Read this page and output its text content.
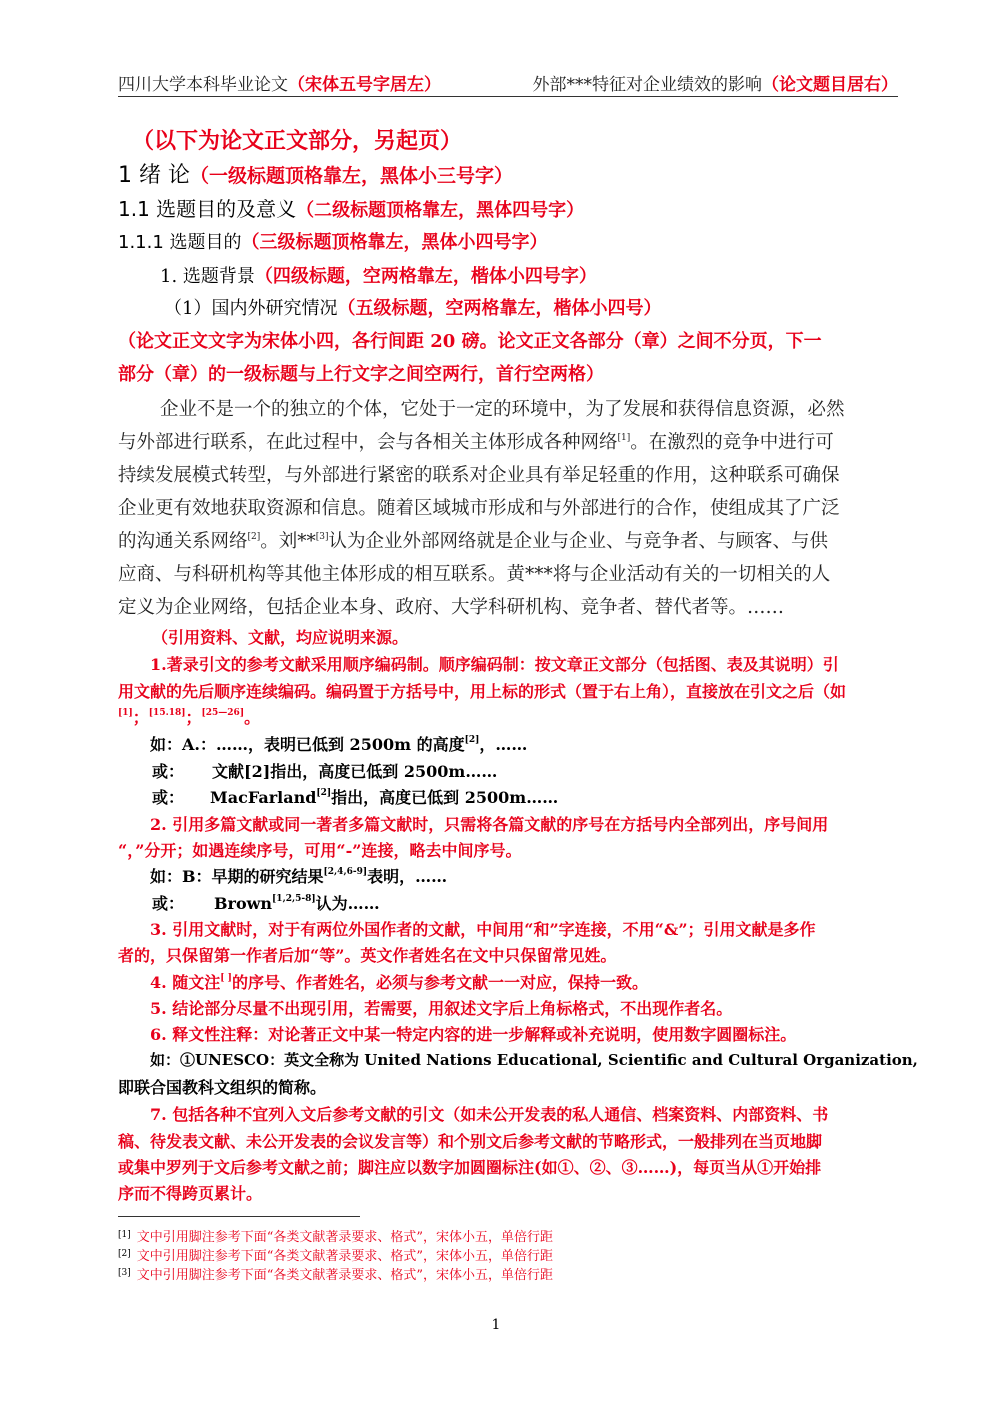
四川大学本科毕业论文（宋体五号字居左）	外部***特征对企业绩效的影响（论文题目居右）
（以下为论文正文部分，另起页）
1 绪 论（一级标题顶格靠左，黑体小三号字）
1.1 选题目的及意义（二级标题顶格靠左，黑体四号字）
1.1.1 选题目的（三级标题顶格靠左，黑体小四号字）
1. 选题背景（四级标题，空两格靠左，楷体小四号字）
（1）国内外研究情况（五级标题，空两格靠左，楷体小四号）
（论文正文文字为宋体小四，各行间距 20 磅。论文正文各部分（章）之间不分页，下一
部分（章）的一级标题与上行文字之间空两行，首行空两格）
企业不是一个的独立的个体，它处于一定的环境中，为了发展和获得信息资源，必然
与外部进行联系，在此过程中，会与各相关主体形成各种网络[1]。在激烈的竞争中进行可
持续发展模式转型，与外部进行紧密的联系对企业具有举足轻重的作用，这种联系可确保
企业更有效地获取资源和信息。随着区域城市形成和与外部进行的合作，使组成其了广泛
的沟通关系网络[2]。刘**[3]认为企业外部网络就是企业与企业、与竞争者、与顾客、与供
应商、与科研机构等其他主体形成的相互联系。黄***将与企业活动有关的一切相关的人
定义为企业网络，包括企业本身、政府、大学科研机构、竞争者、替代者等。……
（引用资料、文献，均应说明来源。
1.著录引文的参考文献采用顺序编码制。顺序编码制：按文章正文部分（包括图、表及其说明）引
用文献的先后顺序连续编码。编码置于方括号中，用上标的形式（置于右上角），直接放在引文之后（如
[1]；[15.18]；[25—26]。
如：A.：……，表明已低到 2500m 的高度[2]，……
或： 文献[2]指出，高度已低到 2500m……
或： MacFarland[2]指出，高度已低到 2500m……
2. 引用多篇文献或同一著者多篇文献时，只需将各篇文献的序号在方括号内全部列出，序号间用
“，”分开；如遇连续序号，可用“-”连接，略去中间序号。
如：B：早期的研究结果[2,4,6-9]表明，……
或： Brown[1,2,5-8]认为……
3. 引用文献时，对于有两位外国作者的文献，中间用“和”字连接，不用“&”；引用文献是多作
者的，只保留第一作者后加“等”。英文作者姓名在文中只保留常见姓。
4. 随文注[ ]的序号、作者姓名，必须与参考文献一一对应，保持一致。
5. 结论部分尽量不出现引用，若需要，用叙述文字后上角标格式，不出现作者名。
6. 释文性注释：对论著正文中某一特定内容的进一步解释或补充说明，使用数字圆圈标注。
如：①UNESCO：英文全称为 United Nations Educational, Scientific and Cultural Organization,
即联合国教科文组织的简称。
7. 包括各种不宜列入文后参考文献的引文（如未公开发表的私人通信、档案资料、内部资料、书
稿、待发表文献、未公开发表的会议发言等）和个别文后参考文献的节略形式，一般排列在当页地脚
或集中罗列于文后参考文献之前；脚注应以数字加圆圈标注(如①、②、③……)，每页当从①开始排
序而不得跨页累计。
[1] 文中引用脚注参考下面“各类文献著录要求、格式”，宋体小五，单倍行距
[2] 文中引用脚注参考下面“各类文献著录要求、格式”，宋体小五，单倍行距
[3] 文中引用脚注参考下面“各类文献著录要求、格式”，宋体小五，单倍行距
1
